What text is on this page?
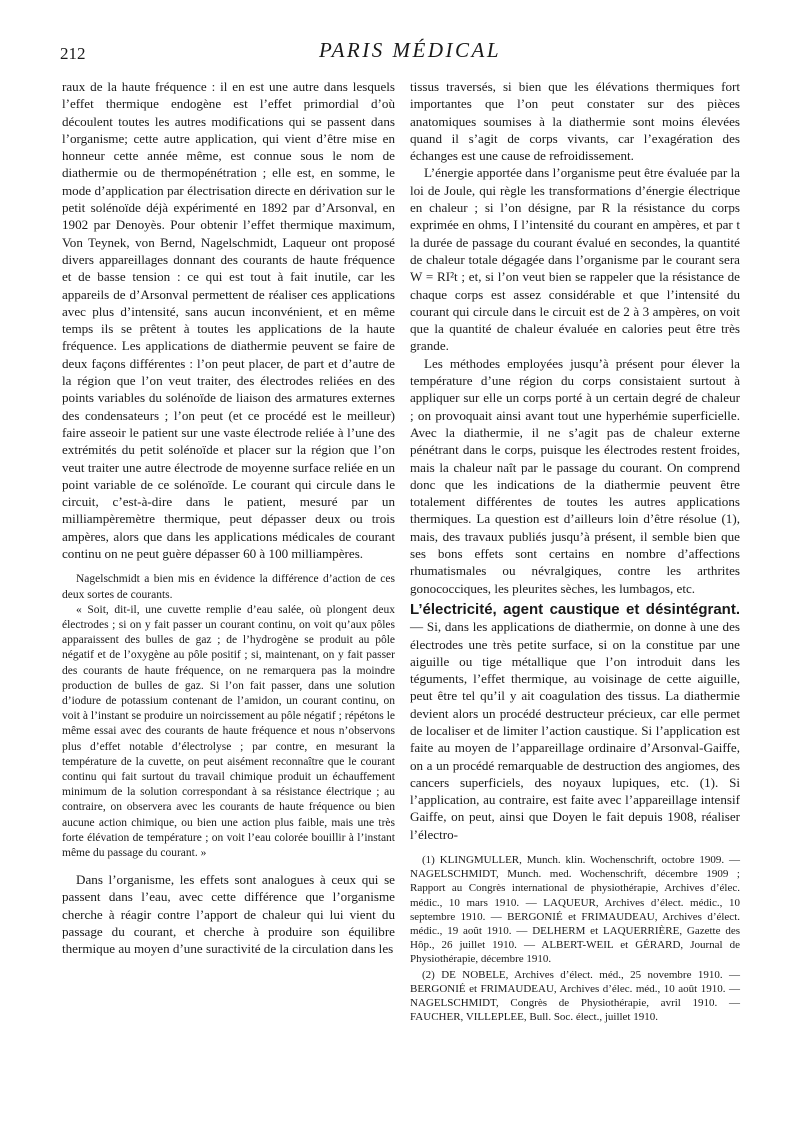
212	PARIS MÉDICAL

raux de la haute fréquence : il en est une autre dans lesquels l’effet thermique endogène est l’effet primordial d’où découlent toutes les autres modifications qui se passent dans l’organisme; cette autre application, qui vient d’être mise en honneur cette année même, est connue sous le nom de diathermie ou de thermopénétration ; elle est, en somme, le mode d’application par électrisation directe en dérivation sur le petit solénoïde déjà expérimenté en 1892 par d’Arsonval, en 1902 par Denoyès. Pour obtenir l’effet thermique maximum, Von Teynek, von Bernd, Nagelschmidt, Laqueur ont proposé divers appareillages donnant des courants de haute fréquence et de basse tension : ce qui est tout à fait inutile, car les appareils de d’Arsonval permettent de réaliser ces applications avec plus d’intensité, sans aucun inconvénient, et en même temps ils se prêtent à toutes les applications de la haute fréquence. Les applications de diathermie peuvent se faire de deux façons différentes : l’on peut placer, de part et d’autre de la région que l’on veut traiter, des électrodes reliées en des points variables du solénoïde de liaison des armatures externes des condensateurs ; l’on peut (et ce procédé est le meilleur) faire asseoir le patient sur une vaste électrode reliée à l’une des extrémités du petit solénoïde et placer sur la région que l’on veut traiter une autre électrode de moyenne surface reliée en un point variable de ce solénoïde. Le courant qui circule dans le circuit, c’est-à-dire dans le patient, mesuré par un milliampèremètre thermique, peut dépasser deux ou trois ampères, alors que dans les applications médicales de courant continu on ne peut guère dépasser 60 à 100 milliampères.

Nagelschmidt a bien mis en évidence la différence d’action de ces deux sortes de courants.

« Soit, dit-il, une cuvette remplie d’eau salée, où plongent deux électrodes ; si on y fait passer un courant continu, on voit qu’aux pôles apparaissent des bulles de gaz ; de l’hydrogène se produit au pôle négatif et de l’oxygène au pôle positif ; si, maintenant, on y fait passer des courants de haute fréquence, on ne remarquera pas la moindre production de bulles de gaz. Si l’on fait passer, dans une solution d’iodure de potassium contenant de l’amidon, un courant continu, on voit à l’instant se produire un noircissement au pôle négatif ; répétons le même essai avec des courants de haute fréquence et nous n’observons plus d’effet notable d’électrolyse ; par contre, en mesurant la température de la cuvette, on peut aisément reconnaître que le courant continu qui fait surtout du travail chimique produit un échauffement minimum de la solution correspondant à sa résistance électrique ; au contraire, on observera avec les courants de haute fréquence ou bien aucune action chimique, ou bien une action plus faible, mais une très forte élévation de température ; on voit l’eau colorée bouillir à l’instant même du passage du courant. »

Dans l’organisme, les effets sont analogues à ceux qui se passent dans l’eau, avec cette différence que l’organisme cherche à réagir contre l’apport de chaleur qui lui vient du passage du courant, et cherche à produire son équilibre thermique au moyen d’une suractivité de la circulation dans les

tissus traversés, si bien que les élévations thermiques fort importantes que l’on peut constater sur des pièces anatomiques soumises à la diathermie sont moins élevées quand il s’agit de corps vivants, car l’exagération des échanges est une cause de refroidissement.

L’énergie apportée dans l’organisme peut être évaluée par la loi de Joule, qui règle les transformations d’énergie électrique en chaleur ; si l’on désigne, par R la résistance du corps exprimée en ohms, I l’intensité du courant en ampères, et par t la durée de passage du courant évalué en secondes, la quantité de chaleur totale dégagée dans l’organisme par le courant sera W = RI²t ; et, si l’on veut bien se rappeler que la résistance de chaque corps est assez considérable et que l’intensité du courant qui circule dans le circuit est de 2 à 3 ampères, on voit que la quantité de chaleur évaluée en calories peut être très grande.

Les méthodes employées jusqu’à présent pour élever la température d’une région du corps consistaient surtout à appliquer sur elle un corps porté à un certain degré de chaleur ; on provoquait ainsi avant tout une hyperhémie superficielle. Avec la diathermie, il ne s’agit pas de chaleur externe pénétrant dans le corps, puisque les électrodes restent froides, mais la chaleur naît par le passage du courant. On comprend donc que les indications de la diathermie peuvent être totalement différentes de toutes les autres applications thermiques. La question est d’ailleurs loin d’être résolue (1), mais, des travaux publiés jusqu’à présent, il semble bien que ses bons effets sont certains en nombre d’affections rhumatismales ou névralgiques, contre les arthrites gonococciques, les pleurites sèches, les lumbagos, etc.

L’électricité, agent caustique et désintégrant. — Si, dans les applications de diathermie, on donne à une des électrodes une très petite surface, si on la constitue par une aiguille ou tige métallique que l’on introduit dans les téguments, l’effet thermique, au voisinage de cette aiguille, peut être tel qu’il y ait coagulation des tissus. La diathermie devient alors un procédé destructeur précieux, car elle permet de localiser et de limiter l’action caustique. Si l’application est faite au moyen de l’appareillage ordinaire d’Arsonval-Gaiffe, on a un procédé remarquable de destruction des angiomes, des cancers superficiels, des noyaux lupiques, etc. (1). Si l’application, au contraire, est faite avec l’appareillage intensif Gaiffe, on peut, ainsi que Doyen le fait depuis 1908, réaliser l’électro-

(1) KLINGMULLER, Munch. klin. Wochenschrift, octobre 1909. — NAGELSCHMIDT, Munch. med. Wochenschrift, décembre 1909 ; Rapport au Congrès international de physiothérapie, Archives d’élec. médic., 10 mars 1910. — LAQUEUR, Archives d’élect. médic., 10 septembre 1910. — BERGONIÉ et FRIMAUDEAU, Archives d’élect. médic., 19 août 1910. — DELHERM et LAQUERRIÈRE, Gazette des Hôp., 26 juillet 1910. — ALBERT-WEIL et GÉRARD, Journal de Physiothérapie, décembre 1910.

(2) DE NOBELE, Archives d’élect. méd., 25 novembre 1910. — BERGONIÉ et FRIMAUDEAU, Archives d’élec. méd., 10 août 1910. — NAGELSCHMIDT, Congrès de Physiothérapie, avril 1910. — FAUCHER, VILLEPLEE, Bull. Soc. élect., juillet 1910.
